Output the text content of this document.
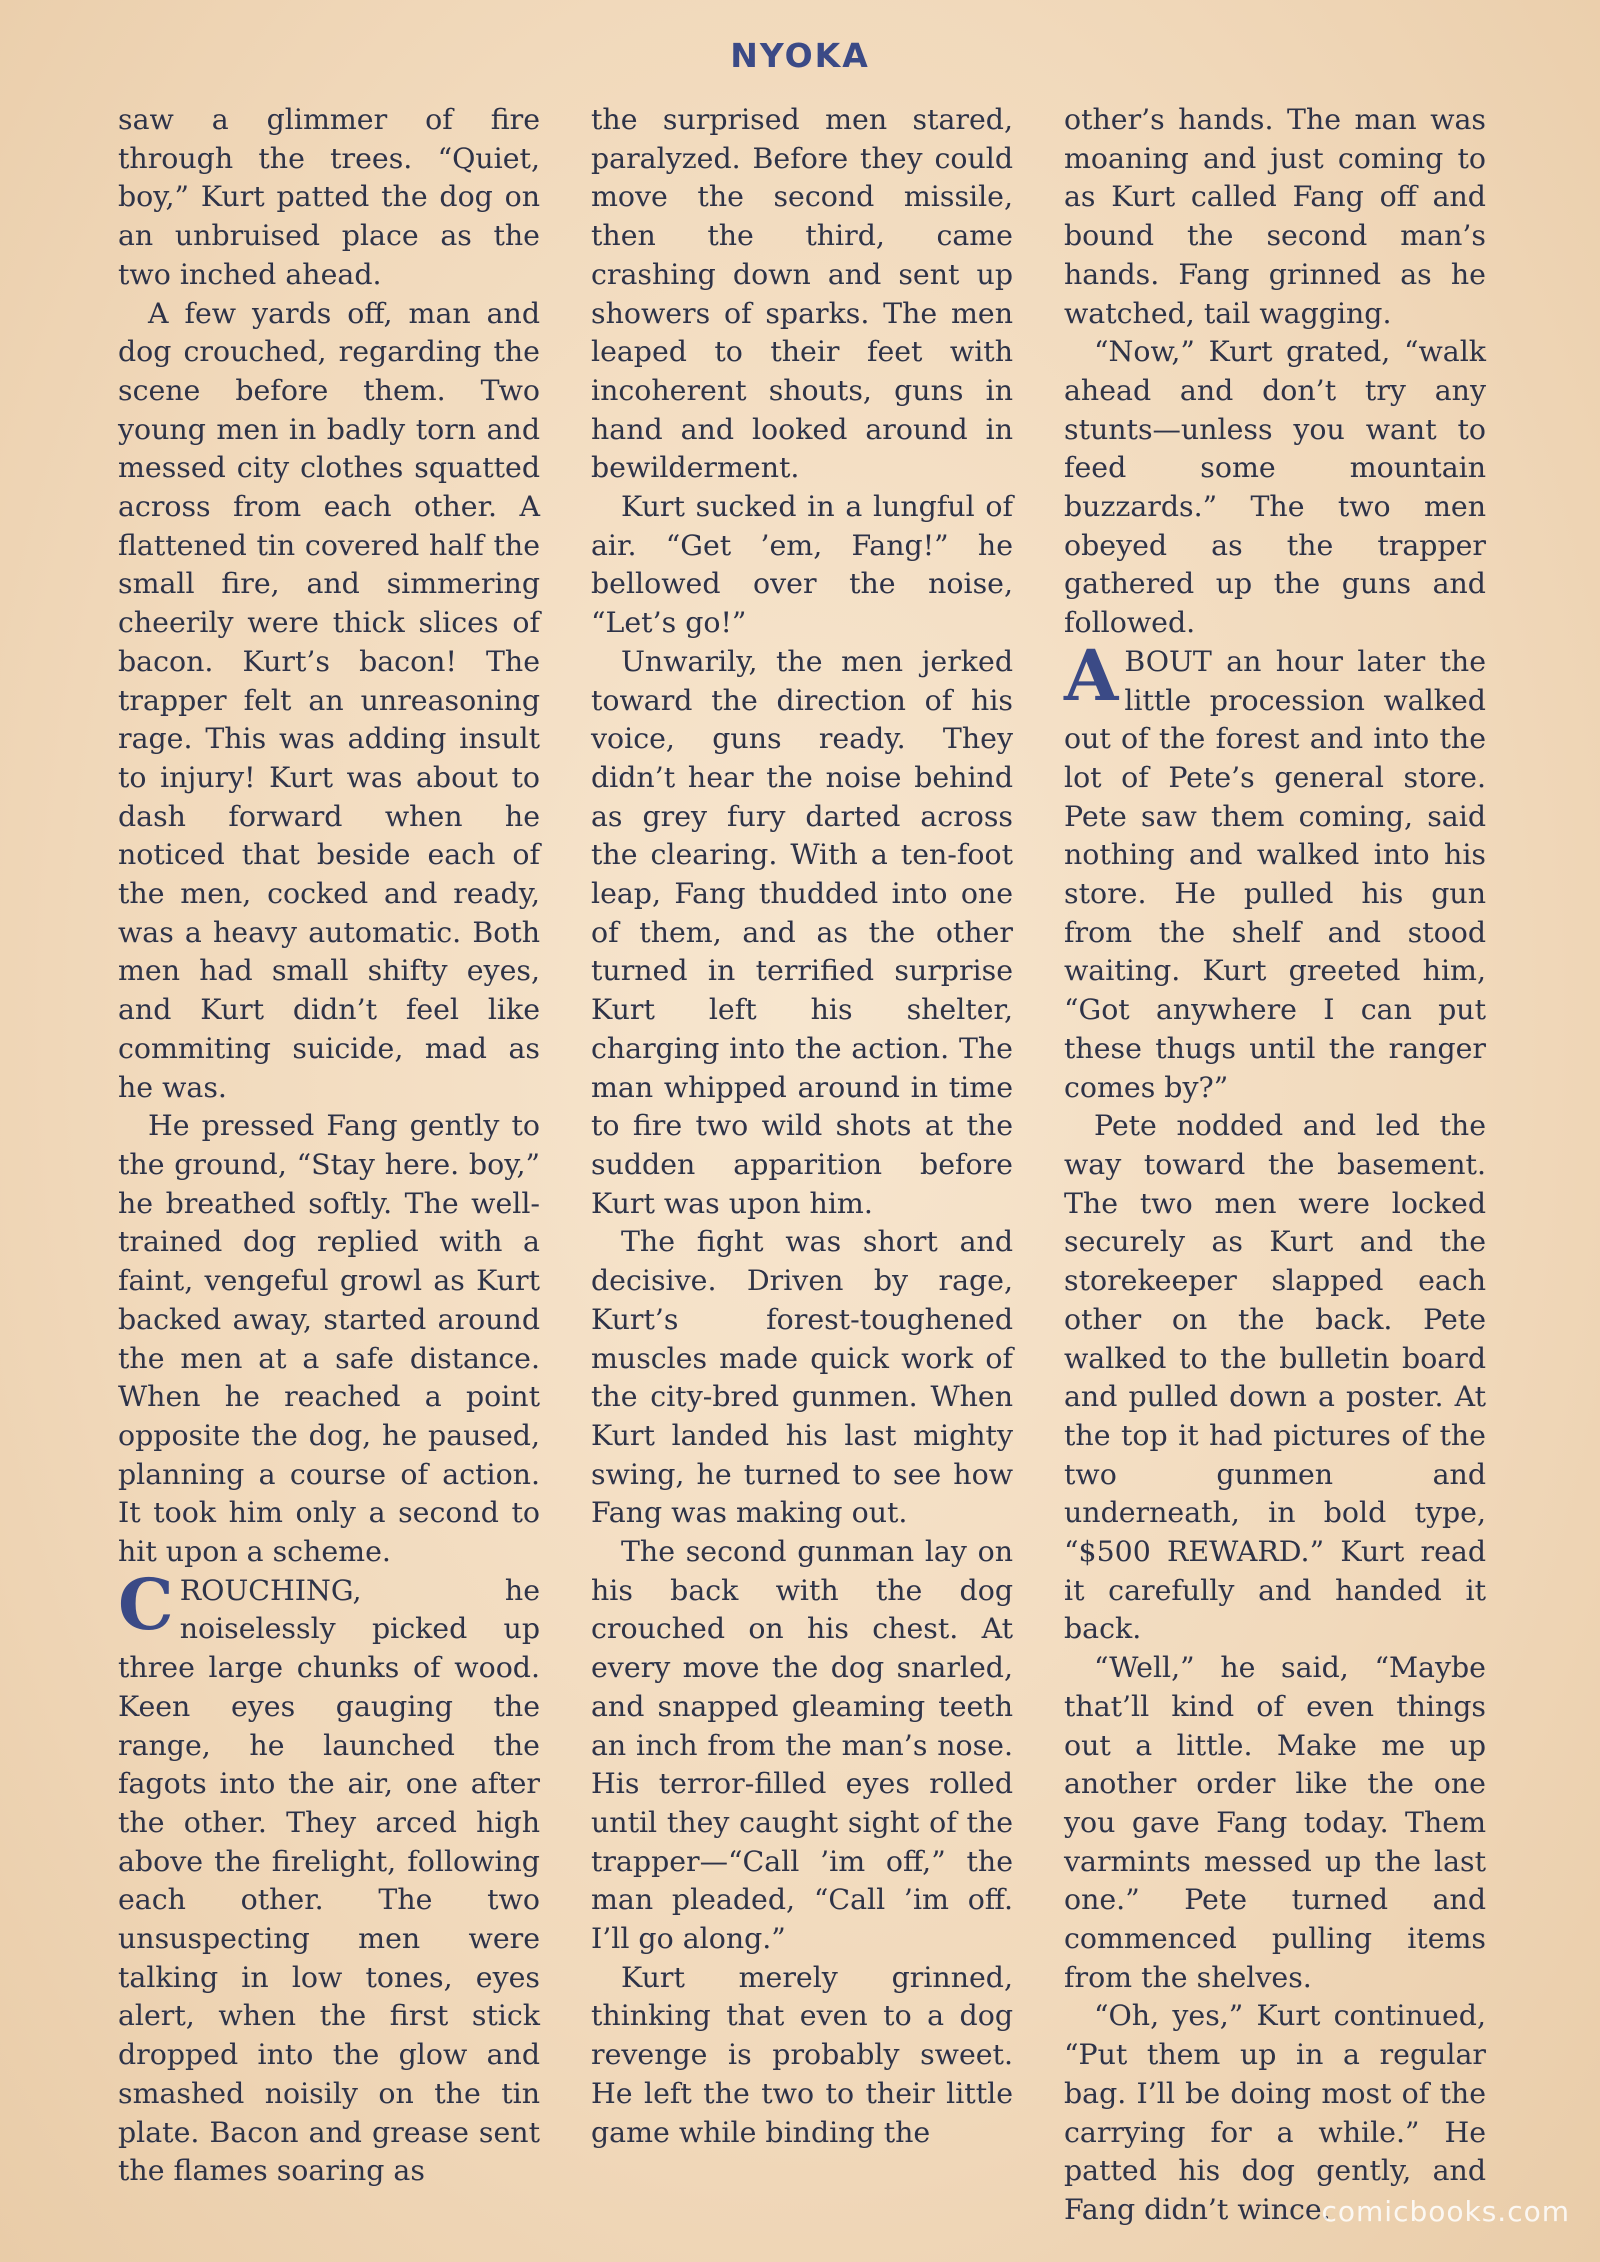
NYOKA

saw a glimmer of fire through the trees. “Quiet, boy,” Kurt patted the dog on an unbruised place as the two inched ahead.

A few yards off, man and dog crouched, regarding the scene before them. Two young men in badly torn and messed city clothes squatted across from each other. A flattened tin covered half the small fire, and simmering cheerily were thick slices of bacon. Kurt’s bacon! The trapper felt an unreasoning rage. This was adding insult to injury! Kurt was about to dash forward when he noticed that beside each of the men, cocked and ready, was a heavy automatic. Both men had small shifty eyes, and Kurt didn’t feel like commiting suicide, mad as he was.

He pressed Fang gently to the ground, “Stay here. boy,” he breathed softly. The well-trained dog replied with a faint, vengeful growl as Kurt backed away, started around the men at a safe distance. When he reached a point opposite the dog, he paused, planning a course of action. It took him only a second to hit upon a scheme.

CROUCHING, he noiselessly picked up three large chunks of wood. Keen eyes gauging the range, he launched the fagots into the air, one after the other. They arced high above the firelight, following each other. The two unsuspecting men were talking in low tones, eyes alert, when the first stick dropped into the glow and smashed noisily on the tin plate. Bacon and grease sent the flames soaring as

the surprised men stared, paralyzed. Before they could move the second missile, then the third, came crashing down and sent up showers of sparks. The men leaped to their feet with incoherent shouts, guns in hand and looked around in bewilderment.

Kurt sucked in a lungful of air. “Get ’em, Fang!” he bellowed over the noise, “Let’s go!”

Unwarily, the men jerked toward the direction of his voice, guns ready. They didn’t hear the noise behind as grey fury darted across the clearing. With a ten-foot leap, Fang thudded into one of them, and as the other turned in terrified surprise Kurt left his shelter, charging into the action. The man whipped around in time to fire two wild shots at the sudden apparition before Kurt was upon him.

The fight was short and decisive. Driven by rage, Kurt’s forest-toughened muscles made quick work of the city-bred gunmen. When Kurt landed his last mighty swing, he turned to see how Fang was making out.

The second gunman lay on his back with the dog crouched on his chest. At every move the dog snarled, and snapped gleaming teeth an inch from the man’s nose. His terror-filled eyes rolled until they caught sight of the trapper—“Call ’im off,” the man pleaded, “Call ’im off. I’ll go along.”

Kurt merely grinned, thinking that even to a dog revenge is probably sweet. He left the two to their little game while binding the

other’s hands. The man was moaning and just coming to as Kurt called Fang off and bound the second man’s hands. Fang grinned as he watched, tail wagging.

“Now,” Kurt grated, “walk ahead and don’t try any stunts—unless you want to feed some mountain buzzards.” The two men obeyed as the trapper gathered up the guns and followed.

ABOUT an hour later the little procession walked out of the forest and into the lot of Pete’s general store. Pete saw them coming, said nothing and walked into his store. He pulled his gun from the shelf and stood waiting. Kurt greeted him, “Got anywhere I can put these thugs until the ranger comes by?”

Pete nodded and led the way toward the basement. The two men were locked securely as Kurt and the storekeeper slapped each other on the back. Pete walked to the bulletin board and pulled down a poster. At the top it had pictures of the two gunmen and underneath, in bold type, “$500 REWARD.” Kurt read it carefully and handed it back.

“Well,” he said, “Maybe that’ll kind of even things out a little. Make me up another order like the one you gave Fang today. Them varmints messed up the last one.” Pete turned and commenced pulling items from the shelves.

“Oh, yes,” Kurt continued, “Put them up in a regular bag. I’ll be doing most of the carrying for a while.” He patted his dog gently, and Fang didn’t wince.

comicbooks.com
